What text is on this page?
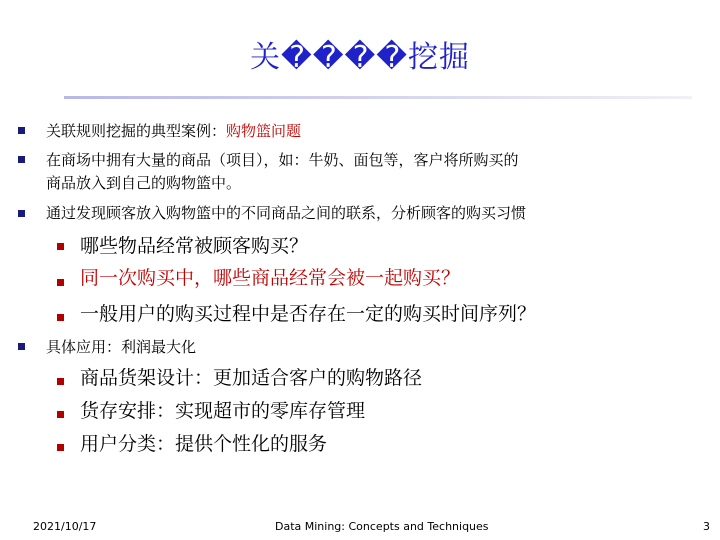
关����挖掘
关联规则挖掘的典型案例：购物篮问题
在商场中拥有大量的商品（项目），如：牛奶、面包等，客户将所购买的
商品放入到自己的购物篮中。
通过发现顾客放入购物篮中的不同商品之间的联系，分析顾客的购买习惯
哪些物品经常被顾客购买？
同一次购买中，哪些商品经常会被一起购买？
一般用户的购买过程中是否存在一定的购买时间序列？
具体应用：利润最大化
商品货架设计：更加适合客户的购物路径
货存安排：实现超市的零库存管理
用户分类：提供个性化的服务
2021/10/17	Data Mining: Concepts and Techniques	3
